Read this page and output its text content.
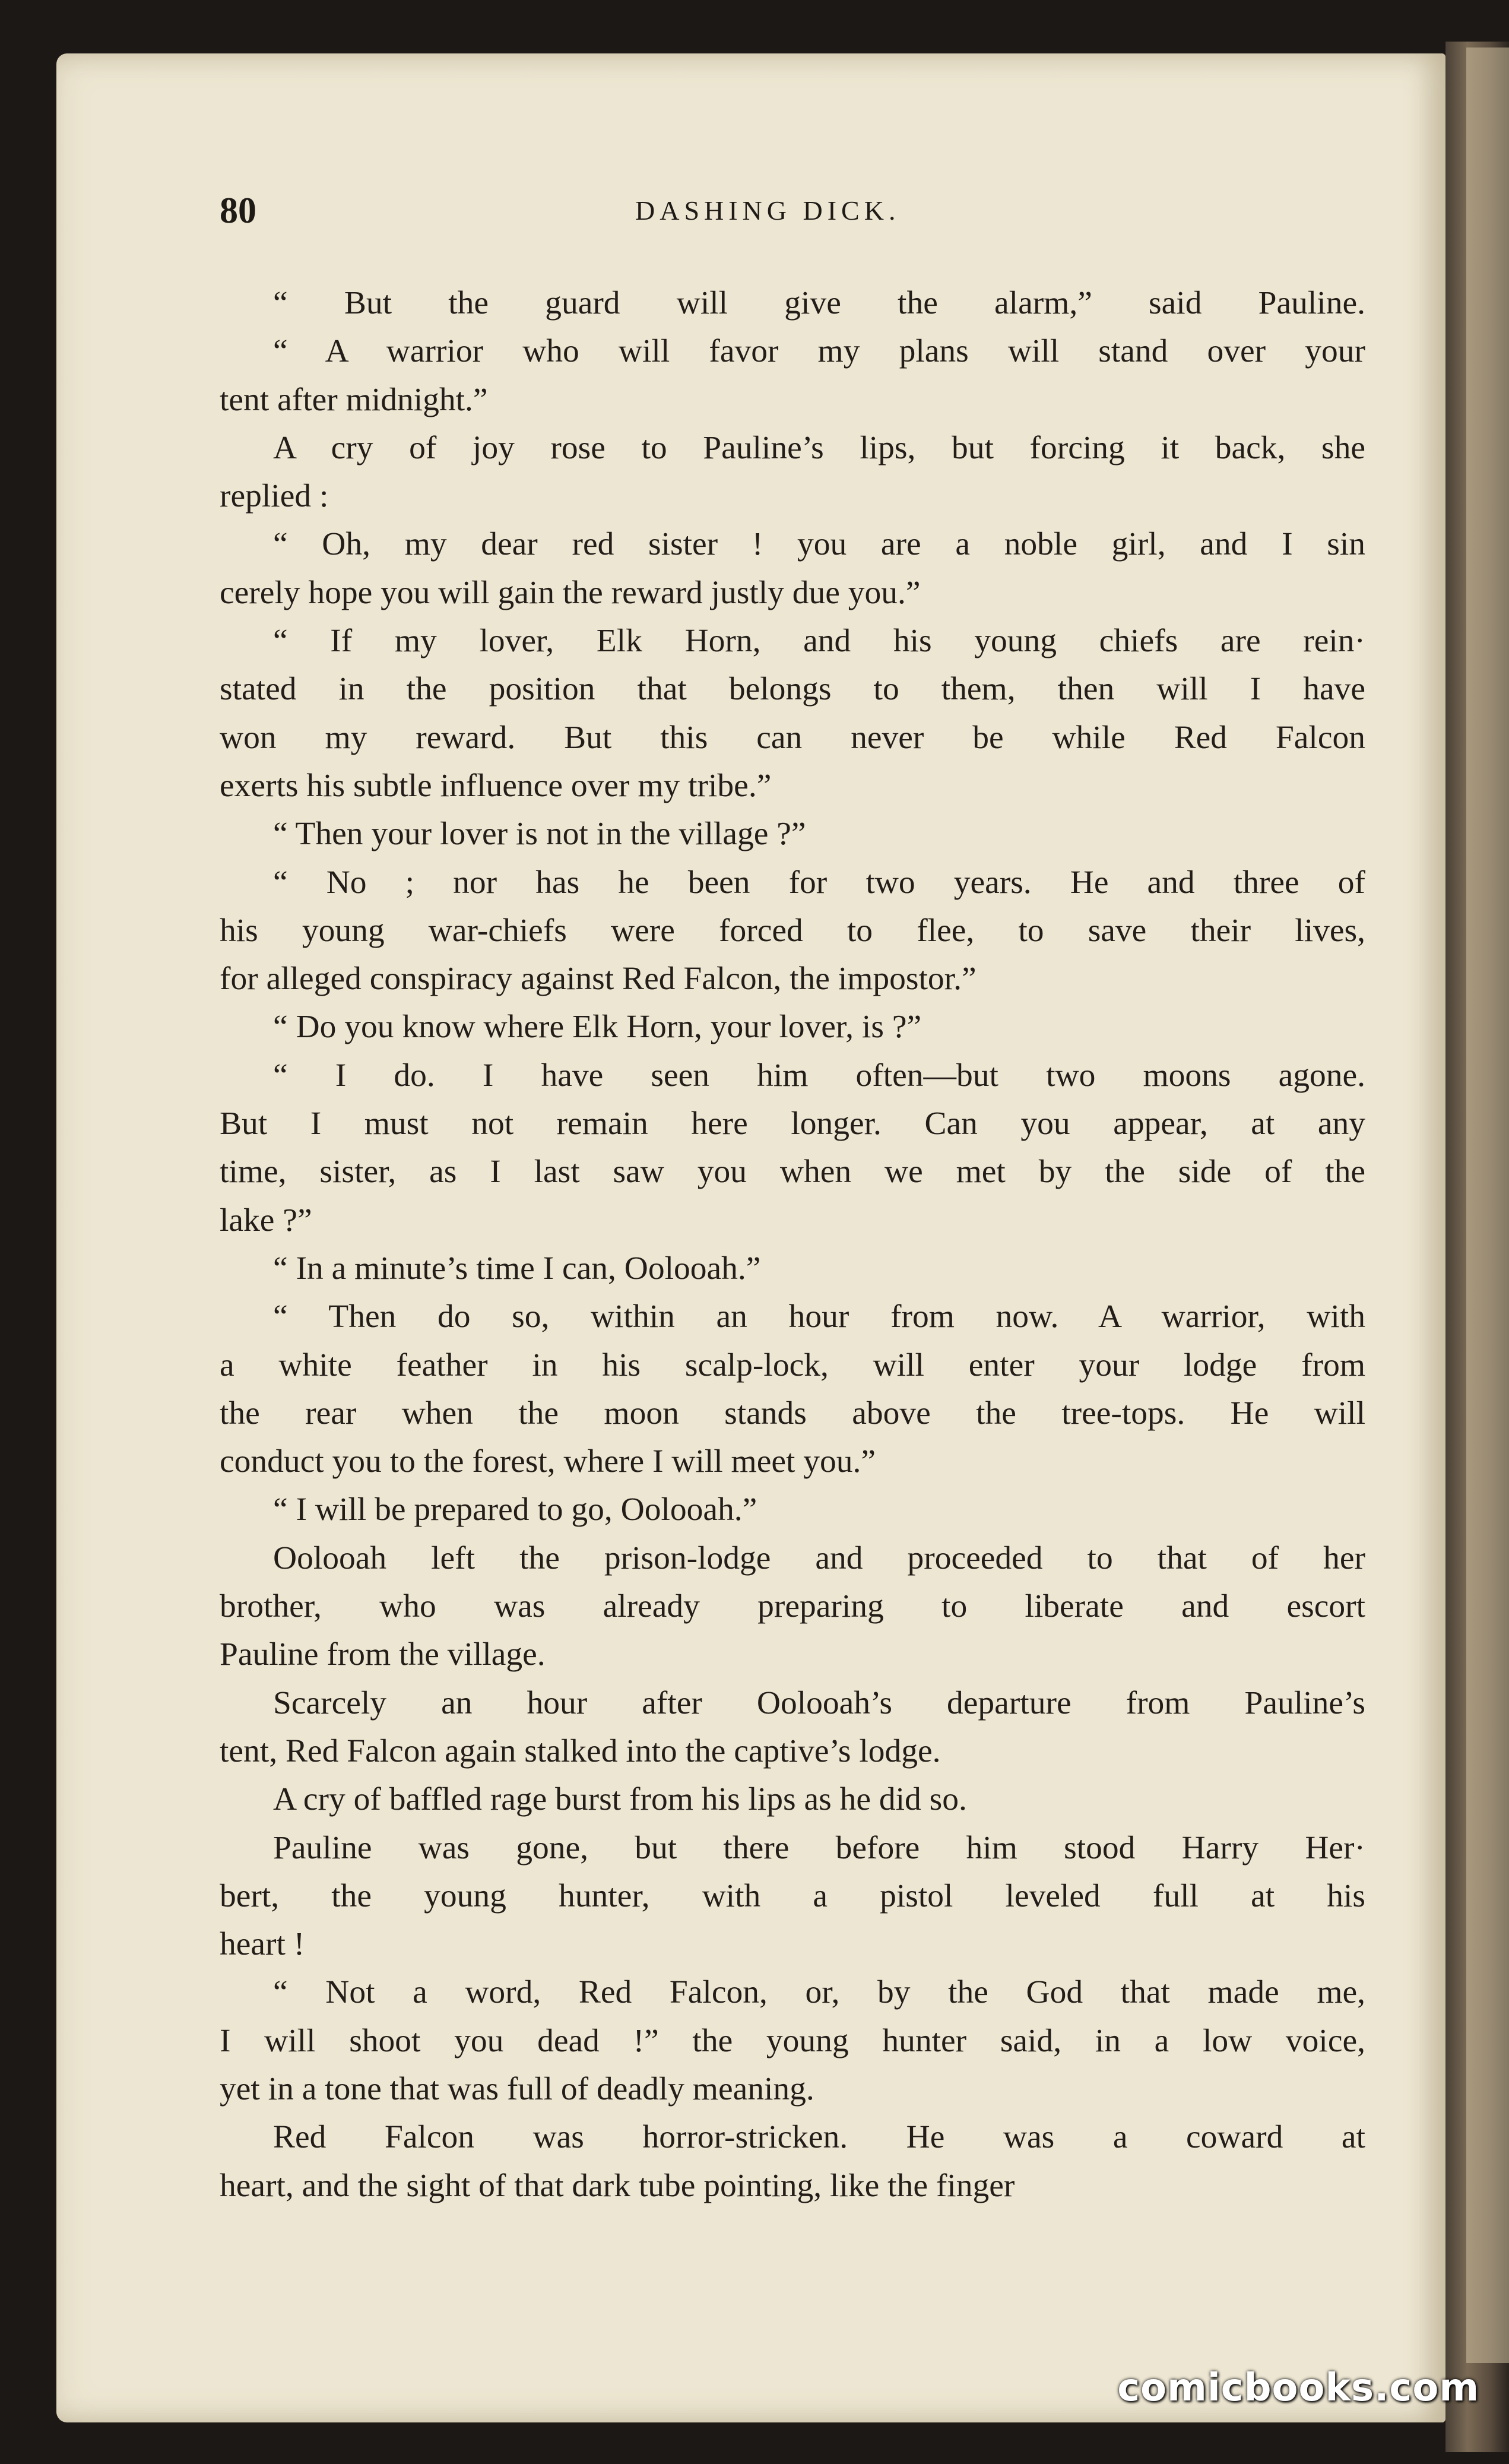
80	DASHING DICK.
“ But the guard will give the alarm,” said Pauline.
“ A warrior who will favor my plans will stand over your
tent after midnight.”
A cry of joy rose to Pauline’s lips, but forcing it back, she
replied :
“ Oh, my dear red sister ! you are a noble girl, and I sin
cerely hope you will gain the reward justly due you.”
“ If my lover, Elk Horn, and his young chiefs are rein·
stated in the position that belongs to them, then will I have
won my reward. But this can never be while Red Falcon
exerts his subtle influence over my tribe.”
“ Then your lover is not in the village ?”
“ No ; nor has he been for two years. He and three of
his young war-chiefs were forced to flee, to save their lives,
for alleged conspiracy against Red Falcon, the impostor.”
“ Do you know where Elk Horn, your lover, is ?”
“ I do. I have seen him often—but two moons agone.
But I must not remain here longer. Can you appear, at any
time, sister, as I last saw you when we met by the side of the
lake ?”
“ In a minute’s time I can, Oolooah.”
“ Then do so, within an hour from now. A warrior, with
a white feather in his scalp-lock, will enter your lodge from
the rear when the moon stands above the tree-tops. He will
conduct you to the forest, where I will meet you.”
“ I will be prepared to go, Oolooah.”
Oolooah left the prison-lodge and proceeded to that of her
brother, who was already preparing to liberate and escort
Pauline from the village.
Scarcely an hour after Oolooah’s departure from Pauline’s
tent, Red Falcon again stalked into the captive’s lodge.
A cry of baffled rage burst from his lips as he did so.
Pauline was gone, but there before him stood Harry Her·
bert, the young hunter, with a pistol leveled full at his
heart !
“ Not a word, Red Falcon, or, by the God that made me,
I will shoot you dead !” the young hunter said, in a low voice,
yet in a tone that was full of deadly meaning.
Red Falcon was horror-stricken. He was a coward at
heart, and the sight of that dark tube pointing, like the finger
comicbooks.com
